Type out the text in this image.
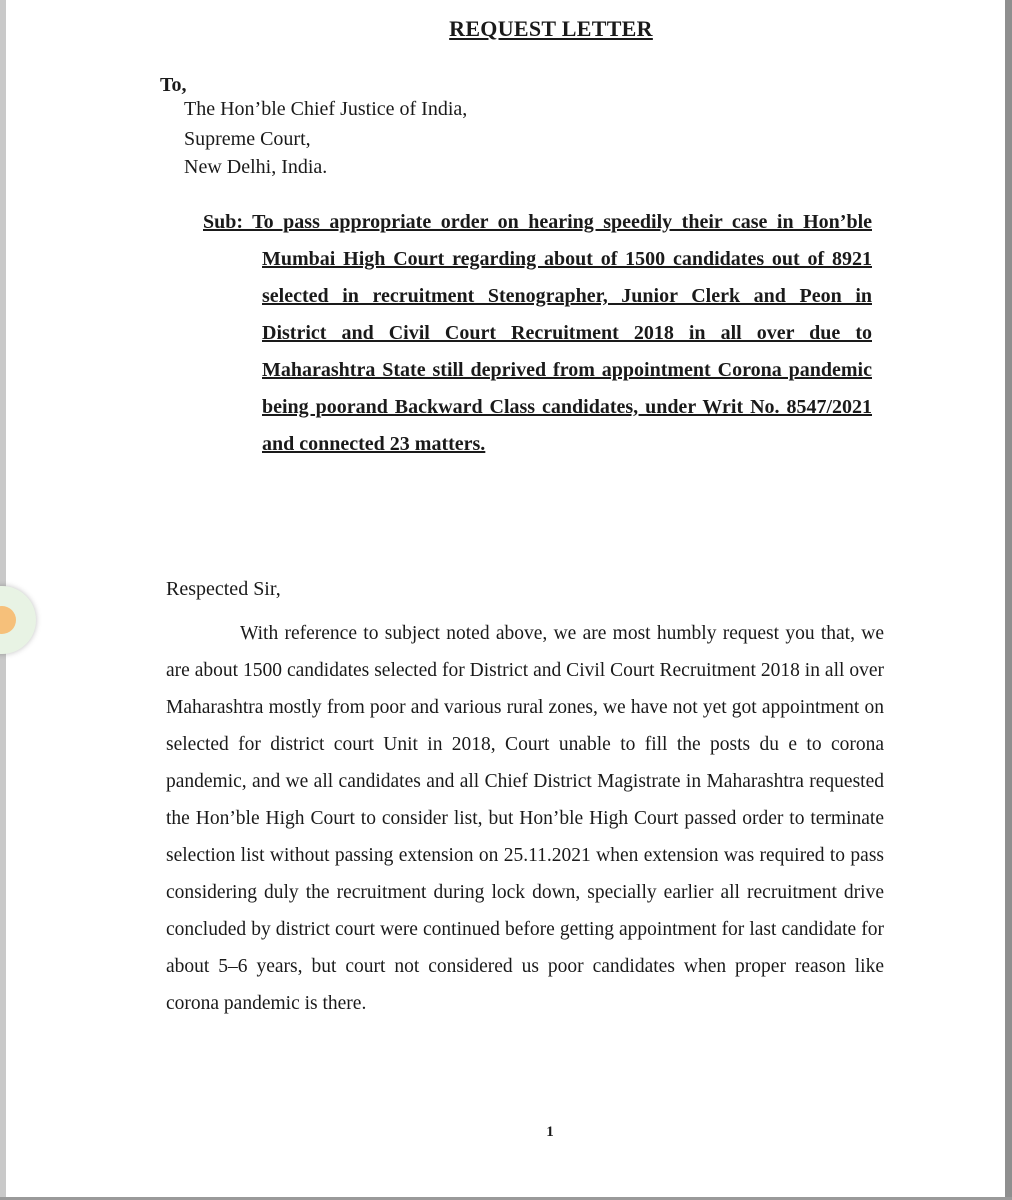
REQUEST LETTER
To,
The Hon’ble Chief Justice of India,
Supreme Court,
New Delhi, India.
Sub: To pass appropriate order on hearing speedily their case in Hon’ble Mumbai High Court regarding about of 1500 candidates out of 8921 selected in recruitment Stenographer, Junior Clerk and Peon in District and Civil Court Recruitment 2018 in all over due to Maharashtra State still deprived from appointment Corona pandemic being poorand Backward Class candidates, under Writ No. 8547/2021 and connected 23 matters.
Respected Sir,
With reference to subject noted above, we are most humbly request you that, we are about 1500 candidates selected for District and Civil Court Recruitment 2018 in all over Maharashtra mostly from poor and various rural zones, we have not yet got appointment on selected for district court Unit in 2018, Court unable to fill the posts du e to corona pandemic, and we all candidates and all Chief District Magistrate in Maharashtra requested the Hon’ble High Court to consider list, but Hon’ble High Court passed order to terminate selection list without passing extension on 25.11.2021 when extension was required to pass considering duly the recruitment during lock down, specially earlier all recruitment drive concluded by district court were continued before getting appointment for last candidate for about 5–6 years, but court not considered us poor candidates when proper reason like corona pandemic is there.
1
